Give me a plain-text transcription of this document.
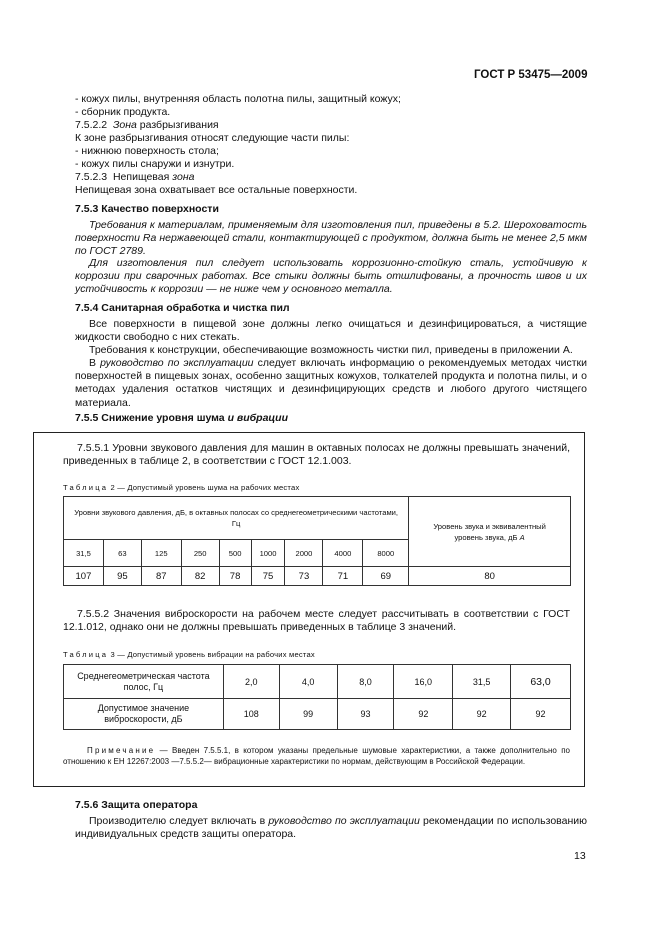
ГОСТ Р 53475—2009
- кожух пилы, внутренняя область полотна пилы, защитный кожух;
- сборник продукта.
7.5.2.2 Зона разбрызгивания
К зоне разбрызгивания относят следующие части пилы:
- нижнюю поверхность стола;
- кожух пилы снаружи и изнутри.
7.5.2.3 Непищевая зона
Непищевая зона охватывает все остальные поверхности.
7.5.3 Качество поверхности
Требования к материалам, применяемым для изготовления пил, приведены в 5.2. Шероховатость поверхности Ra нержавеющей стали, контактирующей с продуктом, должна быть не менее 2,5 мкм по ГОСТ 2789.
Для изготовления пил следует использовать коррозионно-стойкую сталь, устойчивую к коррозии при сварочных работах. Все стыки должны быть отшлифованы, а прочность швов и их устойчивость к коррозии — не ниже чем у основного металла.
7.5.4 Санитарная обработка и чистка пил
Все поверхности в пищевой зоне должны легко очищаться и дезинфицироваться, а чистящие жидкости свободно с них стекать.
Требования к конструкции, обеспечивающие возможность чистки пил, приведены в приложении А.
В руководство по эксплуатации следует включать информацию о рекомендуемых методах чистки поверхностей в пищевых зонах, особенно защитных кожухов, толкателей продукта и полотна пилы, и о методах удаления остатков чистящих и дезинфицирующих средств и любого другого чистящего материала.
7.5.5 Снижение уровня шума и вибрации
7.5.5.1 Уровни звукового давления для машин в октавных полосах не должны превышать значений, приведенных в таблице 2, в соответствии с ГОСТ 12.1.003.
Таблица 2 — Допустимый уровень шума на рабочих местах
Уровни звукового давления, дБ, в октавных полосах со среднегеометрическими частотами, Гц									Уровень звука и эквивалентный уровень звука, дБ А
31,5	63	125	250	500	1000	2000	4000	8000	
107	95	87	82	78	75	73	71	69	80
7.5.5.2 Значения виброскорости на рабочем месте следует рассчитывать в соответствии с ГОСТ 12.1.012, однако они не должны превышать приведенных в таблице 3 значений.
Таблица 3 — Допустимый уровень вибрации на рабочих местах
Среднегеометрическая частота полос, Гц	2,0	4,0	8,0	16,0	31,5	63,0
Допустимое значение виброскорости, дБ	108	99	93	92	92	92
Примечание — Введен 7.5.5.1, в котором указаны предельные шумовые характеристики, а также дополнительно по отношению к ЕН 12267:2003 —7.5.5.2— вибрационные характеристики по нормам, действующим в Российской Федерации.
7.5.6 Защита оператора
Производителю следует включать в руководство по эксплуатации рекомендации по использованию индивидуальных средств защиты оператора.
13
